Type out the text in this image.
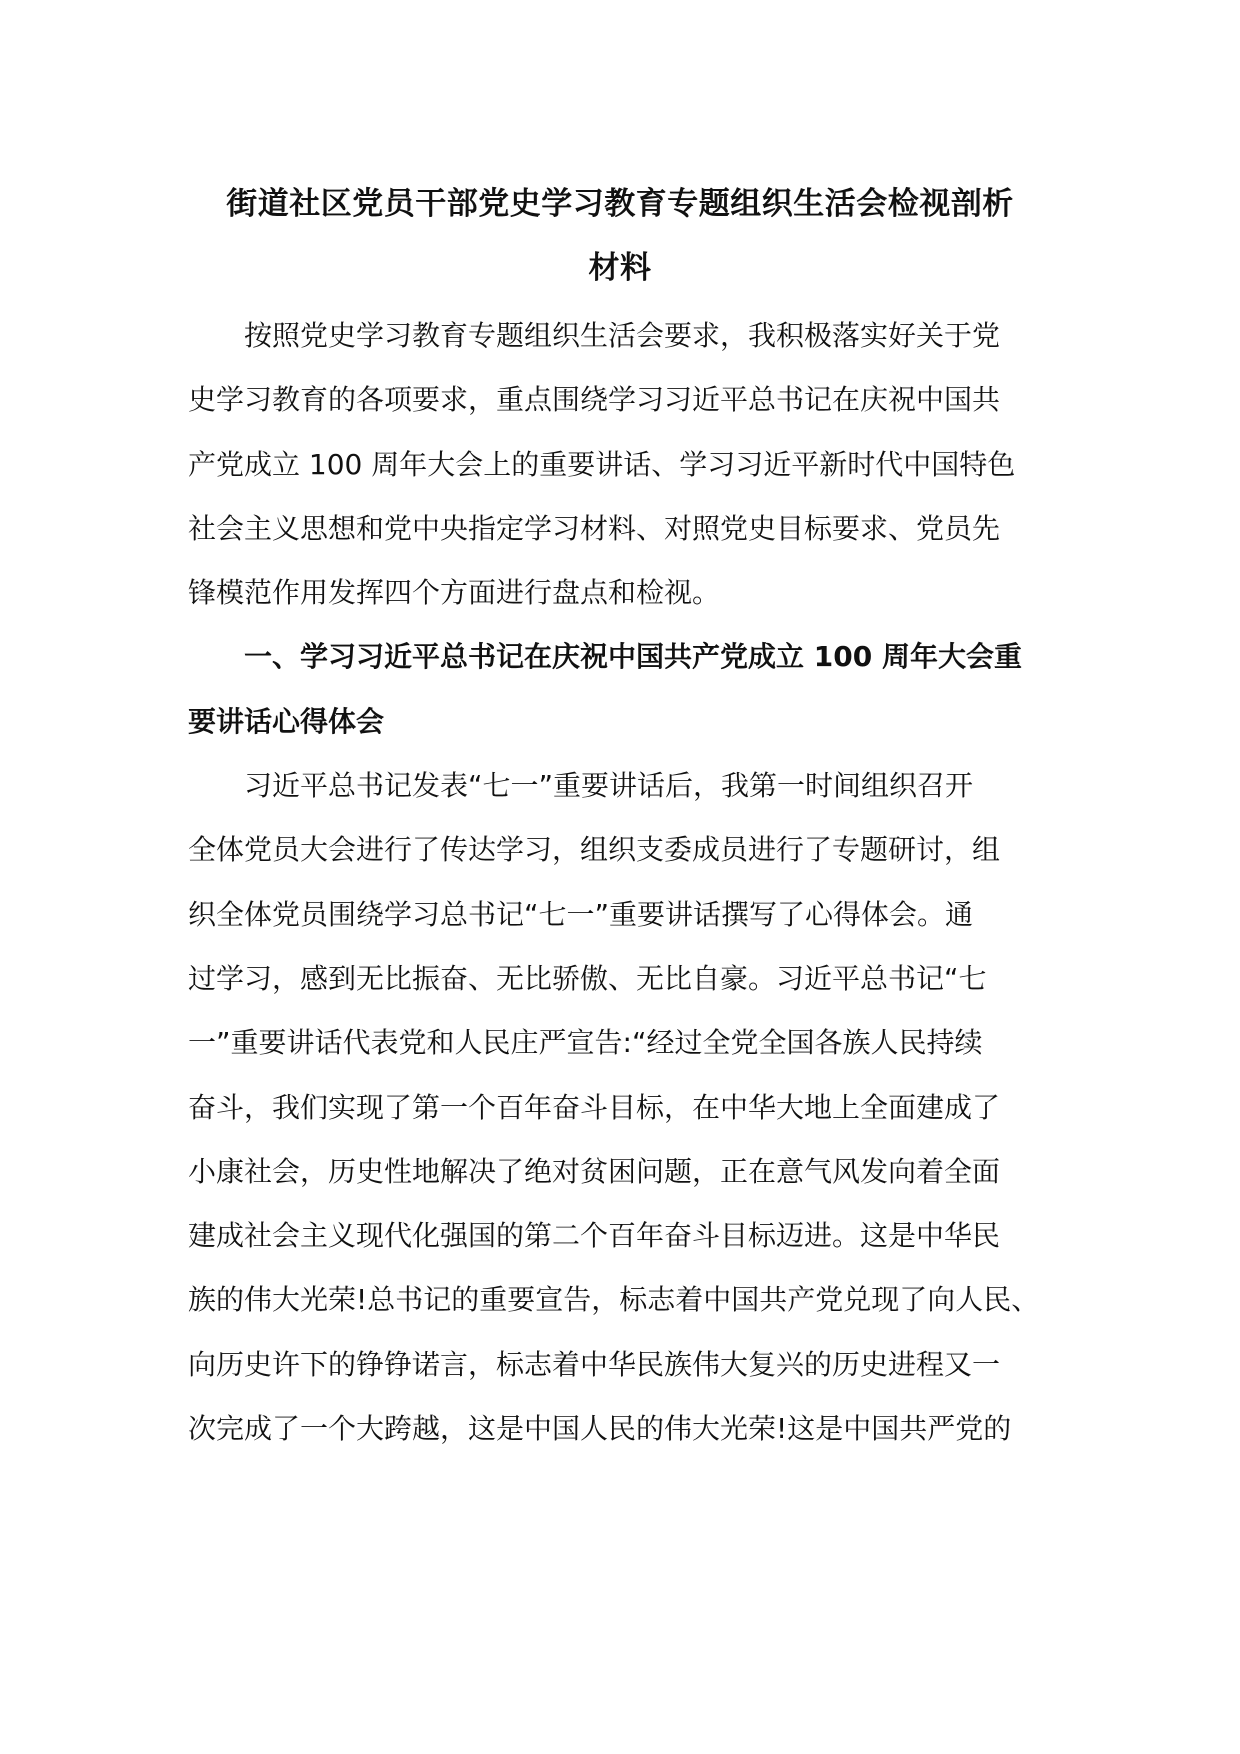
街道社区党员干部党史学习教育专题组织生活会检视剖析
材料
　　按照党史学习教育专题组织生活会要求，我积极落实好关于党
史学习教育的各项要求，重点围绕学习习近平总书记在庆祝中国共
产党成立 100 周年大会上的重要讲话、学习习近平新时代中国特色
社会主义思想和党中央指定学习材料、对照党史目标要求、党员先
锋模范作用发挥四个方面进行盘点和检视。
　　一、学习习近平总书记在庆祝中国共产党成立 100 周年大会重
要讲话心得体会
　　习近平总书记发表“七一”重要讲话后，我第一时间组织召开
全体党员大会进行了传达学习，组织支委成员进行了专题研讨，组
织全体党员围绕学习总书记“七一”重要讲话撰写了心得体会。通
过学习，感到无比振奋、无比骄傲、无比自豪。习近平总书记“七
一”重要讲话代表党和人民庄严宣告:“经过全党全国各族人民持续
奋斗，我们实现了第一个百年奋斗目标，在中华大地上全面建成了
小康社会，历史性地解决了绝对贫困问题，正在意气风发向着全面
建成社会主义现代化强国的第二个百年奋斗目标迈进。这是中华民
族的伟大光荣!总书记的重要宣告，标志着中国共产党兑现了向人民、
向历史许下的铮铮诺言，标志着中华民族伟大复兴的历史进程又一
次完成了一个大跨越，这是中国人民的伟大光荣!这是中国共严党的
